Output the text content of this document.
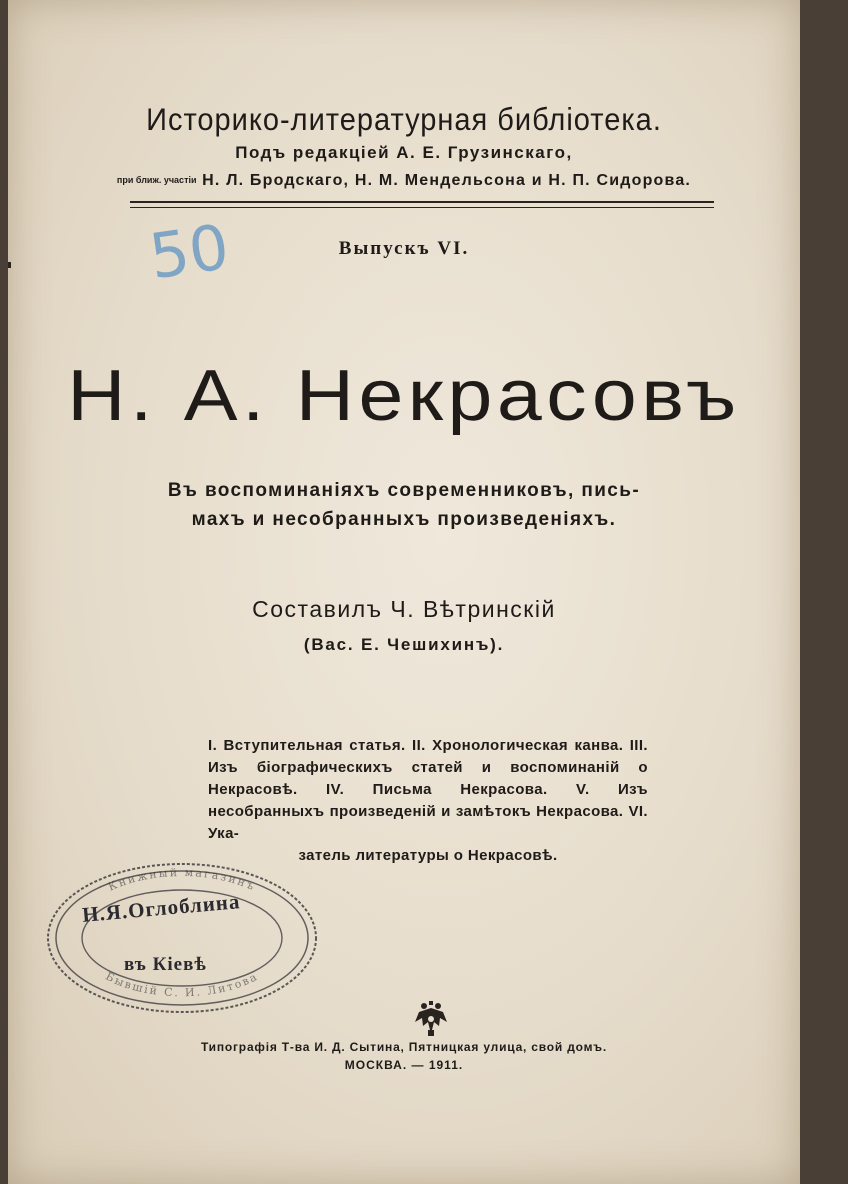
Историко-литературная библіотека.
Подъ редакціей А. Е. Грузинскаго,
при ближ. участіи Н. Л. Бродскаго, Н. М. Мендельсона и Н. П. Сидорова.
50	Выпускъ VI.
Н. А. Некрасовъ
Въ воспоминаніяхъ современниковъ, пись-
махъ и несобранныхъ произведеніяхъ.
Составилъ Ч. Вѣтринскій
(Вас. Е. Чешихинъ).
I. Вступительная статья. II. Хронологическая канва. III. Изъ біографическихъ статей и воспоминаній о Некрасовѣ. IV. Письма Некрасова. V. Изъ несобранныхъ произведеній и замѣтокъ Некрасова. VI. Ука-
затель литературы о Некрасовѣ.
Книжный магазинъ
Бывшій С. И. Литова
Н.Я.Оглоблина
въ Кіевѣ
Типографія Т-ва И. Д. Сытина, Пятницкая улица, свой домъ.
МОСКВА. — 1911.
